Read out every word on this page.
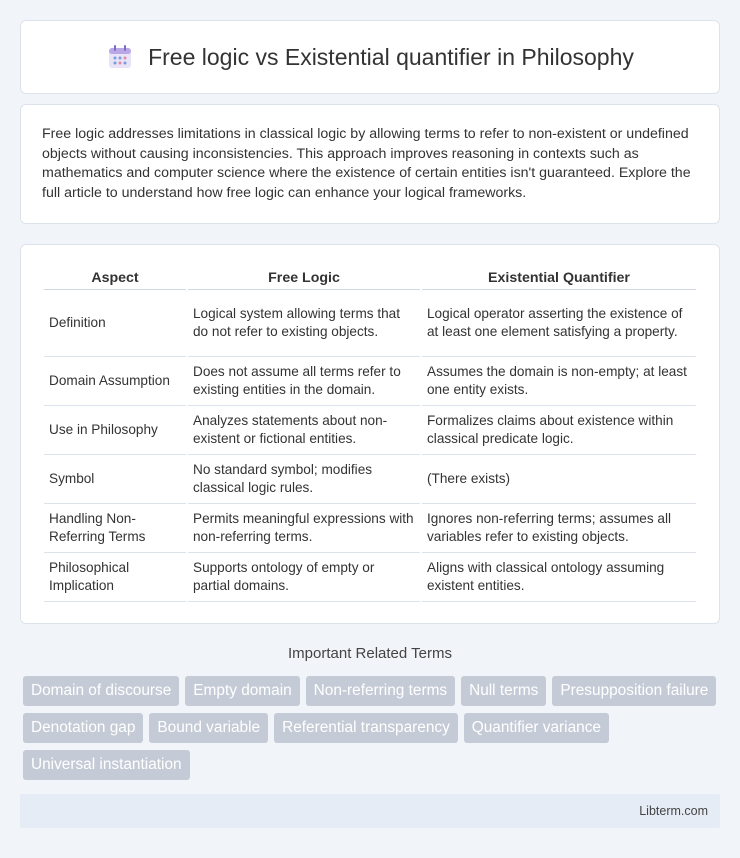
Free logic vs Existential quantifier in Philosophy

Free logic addresses limitations in classical logic by allowing terms to refer to non-existent or undefined objects without causing inconsistencies. This approach improves reasoning in contexts such as mathematics and computer science where the existence of certain entities isn't guaranteed. Explore the full article to understand how free logic can enhance your logical frameworks.

Aspect	Free Logic	Existential Quantifier
Definition	Logical system allowing terms that do not refer to existing objects.	Logical operator asserting the existence of at least one element satisfying a property.
Domain Assumption	Does not assume all terms refer to existing entities in the domain.	Assumes the domain is non-empty; at least one entity exists.
Use in Philosophy	Analyzes statements about non-existent or fictional entities.	Formalizes claims about existence within classical predicate logic.
Symbol	No standard symbol; modifies classical logic rules.	(There exists)
Handling Non-Referring Terms	Permits meaningful expressions with non-referring terms.	Ignores non-referring terms; assumes all variables refer to existing objects.
Philosophical Implication	Supports ontology of empty or partial domains.	Aligns with classical ontology assuming existent entities.
Important Related Terms
Domain of discourse	Empty domain	Non-referring terms	Null terms	Presupposition failure
Denotation gap	Bound variable	Referential transparency	Quantifier variance
Universal instantiation
Libterm.com
